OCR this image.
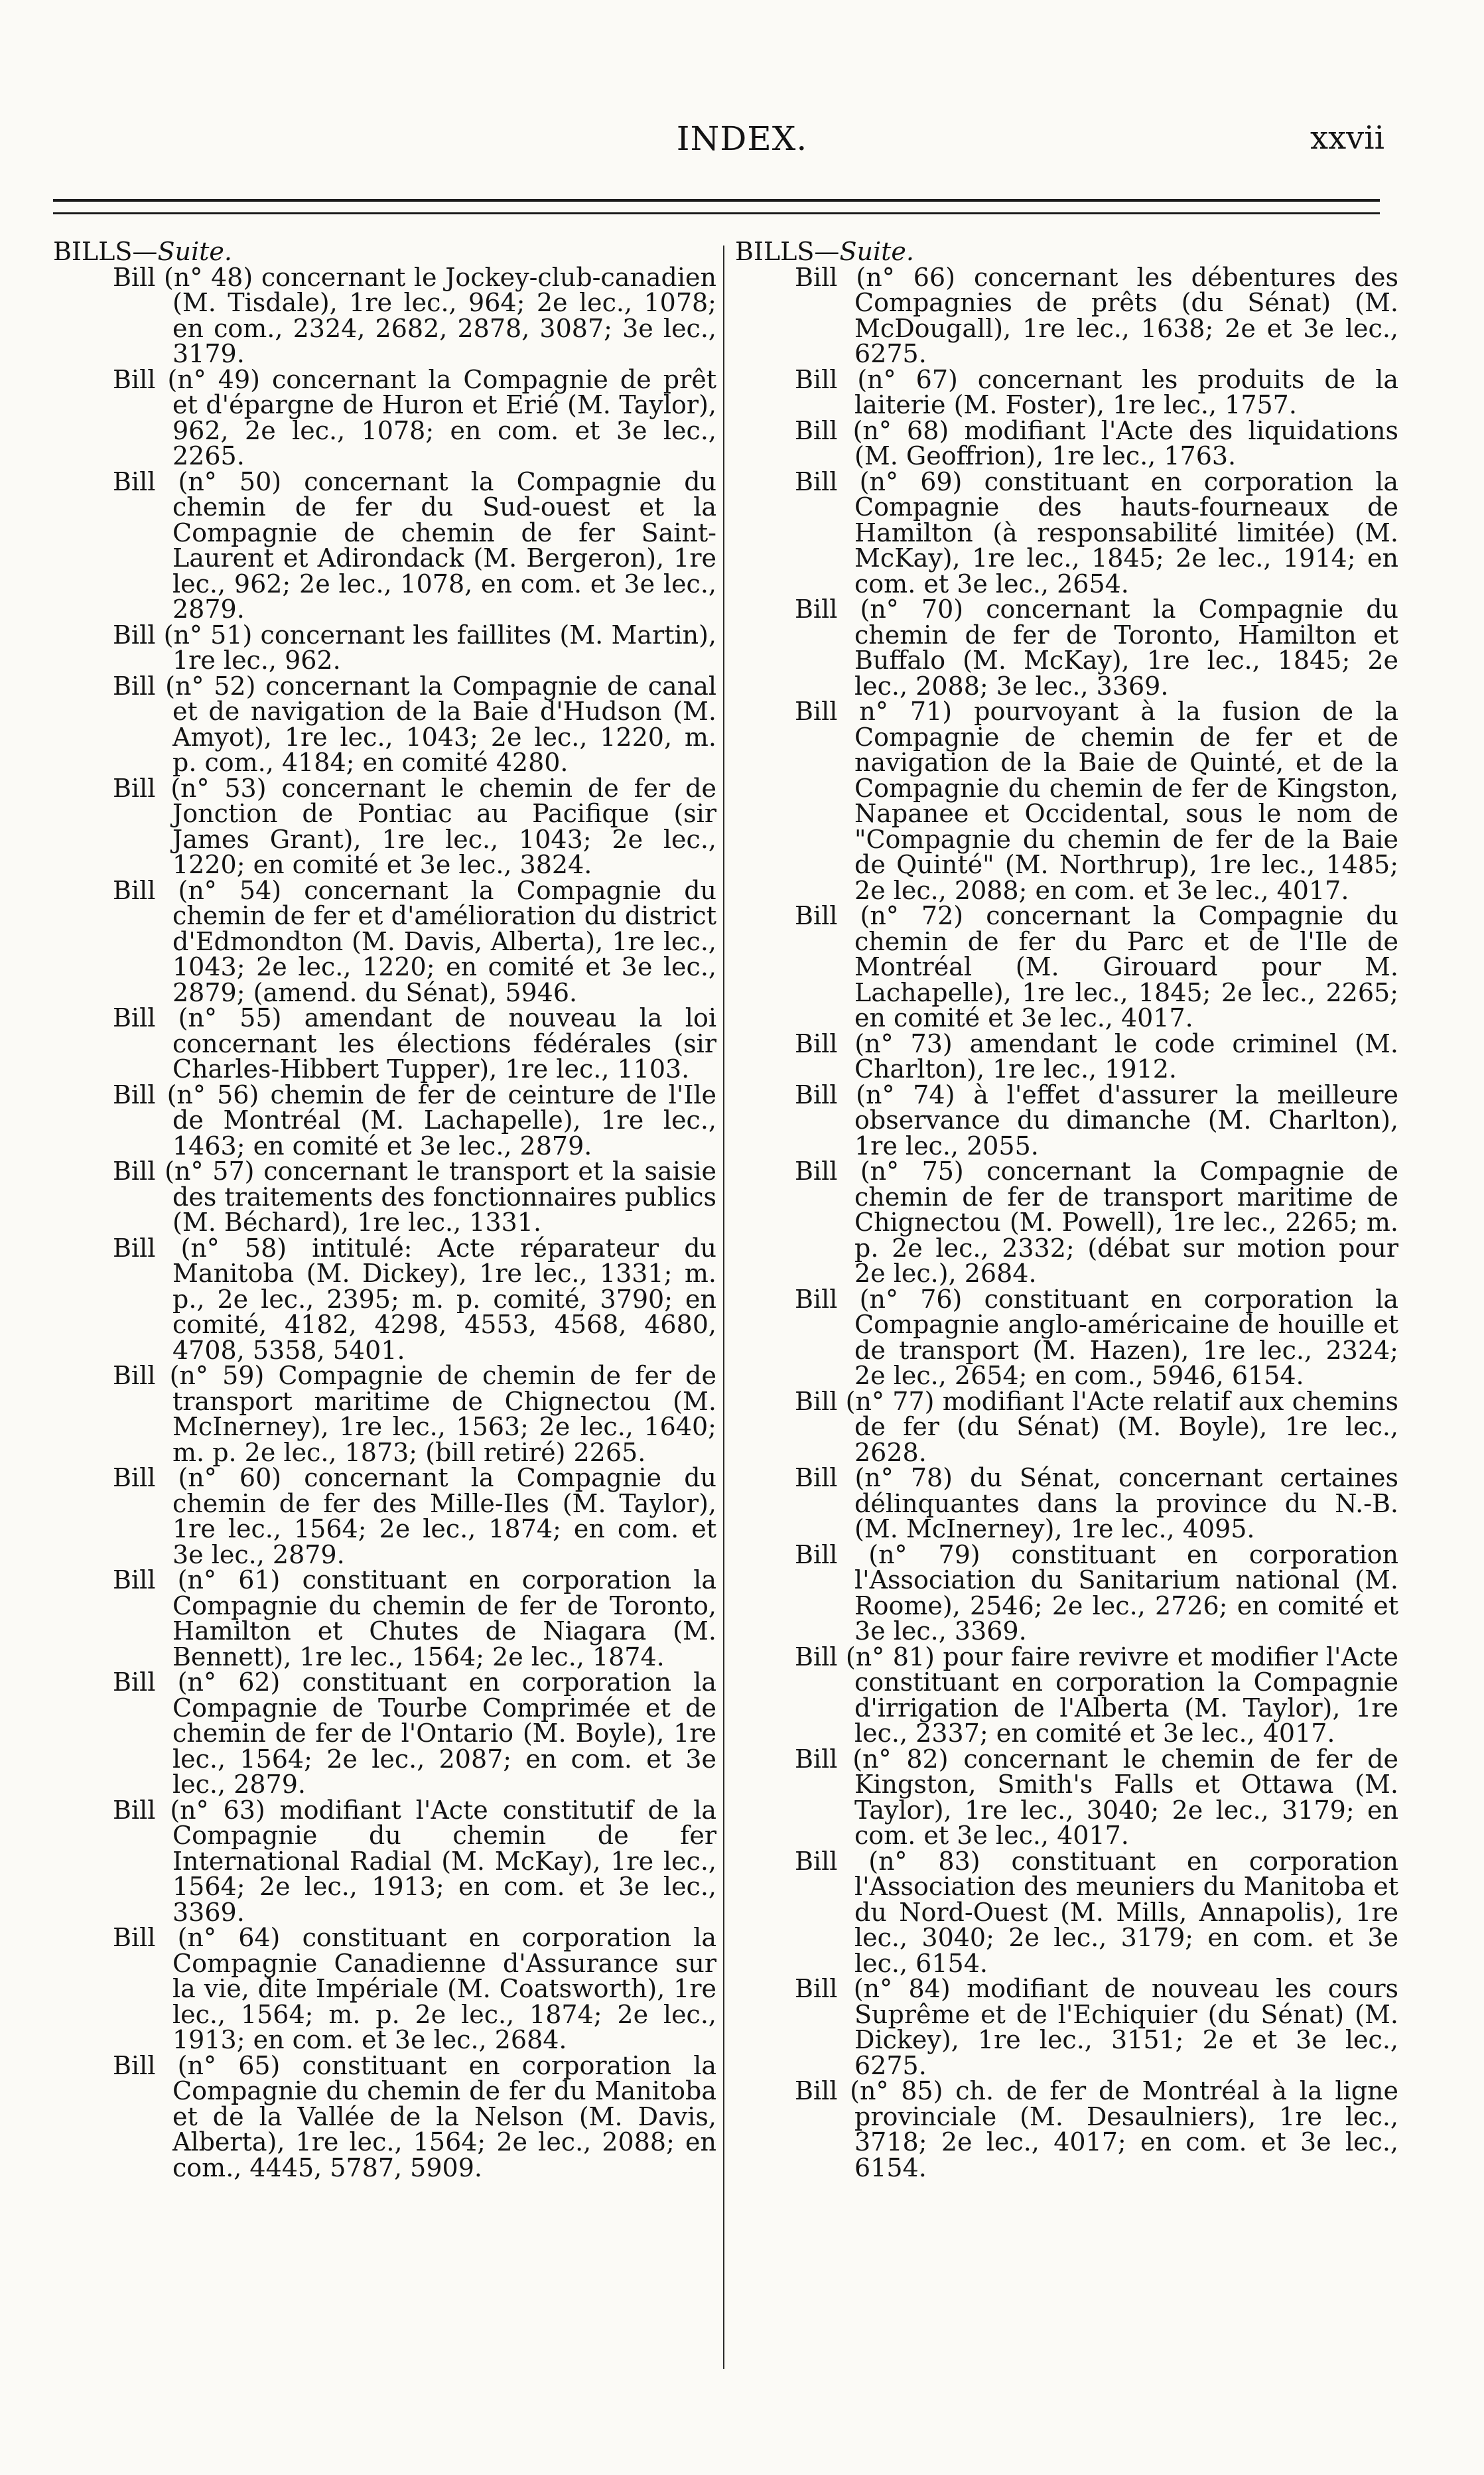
INDEX.	xxvii
BILLS—Suite.
Bill (n° 48) concernant le Jockey-club-canadien (M. Tisdale), 1re lec., 964; 2e lec., 1078; en com., 2324, 2682, 2878, 3087; 3e lec., 3179.
Bill (n° 49) concernant la Compagnie de prêt et d'épargne de Huron et Erié (M. Taylor), 962, 2e lec., 1078; en com. et 3e lec., 2265.
Bill (n° 50) concernant la Compagnie du chemin de fer du Sud-ouest et la Compagnie de chemin de fer Saint-Laurent et Adirondack (M. Bergeron), 1re lec., 962; 2e lec., 1078, en com. et 3e lec., 2879.
Bill (n° 51) concernant les faillites (M. Martin), 1re lec., 962.
Bill (n° 52) concernant la Compagnie de canal et de navigation de la Baie d'Hudson (M. Amyot), 1re lec., 1043; 2e lec., 1220, m. p. com., 4184; en comité 4280.
Bill (n° 53) concernant le chemin de fer de Jonction de Pontiac au Pacifique (sir James Grant), 1re lec., 1043; 2e lec., 1220; en comité et 3e lec., 3824.
Bill (n° 54) concernant la Compagnie du chemin de fer et d'amélioration du district d'Edmondton (M. Davis, Alberta), 1re lec., 1043; 2e lec., 1220; en comité et 3e lec., 2879; (amend. du Sénat), 5946.
Bill (n° 55) amendant de nouveau la loi concernant les élections fédérales (sir Charles-Hibbert Tupper), 1re lec., 1103.
Bill (n° 56) chemin de fer de ceinture de l'Ile de Montréal (M. Lachapelle), 1re lec., 1463; en comité et 3e lec., 2879.
Bill (n° 57) concernant le transport et la saisie des traitements des fonctionnaires publics (M. Béchard), 1re lec., 1331.
Bill (n° 58) intitulé: Acte réparateur du Manitoba (M. Dickey), 1re lec., 1331; m. p., 2e lec., 2395; m. p. comité, 3790; en comité, 4182, 4298, 4553, 4568, 4680, 4708, 5358, 5401.
Bill (n° 59) Compagnie de chemin de fer de transport maritime de Chignectou (M. McInerney), 1re lec., 1563; 2e lec., 1640; m. p. 2e lec., 1873; (bill retiré) 2265.
Bill (n° 60) concernant la Compagnie du chemin de fer des Mille-Iles (M. Taylor), 1re lec., 1564; 2e lec., 1874; en com. et 3e lec., 2879.
Bill (n° 61) constituant en corporation la Compagnie du chemin de fer de Toronto, Hamilton et Chutes de Niagara (M. Bennett), 1re lec., 1564; 2e lec., 1874.
Bill (n° 62) constituant en corporation la Compagnie de Tourbe Comprimée et de chemin de fer de l'Ontario (M. Boyle), 1re lec., 1564; 2e lec., 2087; en com. et 3e lec., 2879.
Bill (n° 63) modifiant l'Acte constitutif de la Compagnie du chemin de fer International Radial (M. McKay), 1re lec., 1564; 2e lec., 1913; en com. et 3e lec., 3369.
Bill (n° 64) constituant en corporation la Compagnie Canadienne d'Assurance sur la vie, dite Impériale (M. Coatsworth), 1re lec., 1564; m. p. 2e lec., 1874; 2e lec., 1913; en com. et 3e lec., 2684.
Bill (n° 65) constituant en corporation la Compagnie du chemin de fer du Manitoba et de la Vallée de la Nelson (M. Davis, Alberta), 1re lec., 1564; 2e lec., 2088; en com., 4445, 5787, 5909.
BILLS—Suite.
Bill (n° 66) concernant les débentures des Compagnies de prêts (du Sénat) (M. McDougall), 1re lec., 1638; 2e et 3e lec., 6275.
Bill (n° 67) concernant les produits de la laiterie (M. Foster), 1re lec., 1757.
Bill (n° 68) modifiant l'Acte des liquidations (M. Geoffrion), 1re lec., 1763.
Bill (n° 69) constituant en corporation la Compagnie des hauts-fourneaux de Hamilton (à responsabilité limitée) (M. McKay), 1re lec., 1845; 2e lec., 1914; en com. et 3e lec., 2654.
Bill (n° 70) concernant la Compagnie du chemin de fer de Toronto, Hamilton et Buffalo (M. McKay), 1re lec., 1845; 2e lec., 2088; 3e lec., 3369.
Bill n° 71) pourvoyant à la fusion de la Compagnie de chemin de fer et de navigation de la Baie de Quinté, et de la Compagnie du chemin de fer de Kingston, Napanee et Occidental, sous le nom de "Compagnie du chemin de fer de la Baie de Quinté" (M. Northrup), 1re lec., 1485; 2e lec., 2088; en com. et 3e lec., 4017.
Bill (n° 72) concernant la Compagnie du chemin de fer du Parc et de l'Ile de Montréal (M. Girouard pour M. Lachapelle), 1re lec., 1845; 2e lec., 2265; en comité et 3e lec., 4017.
Bill (n° 73) amendant le code criminel (M. Charlton), 1re lec., 1912.
Bill (n° 74) à l'effet d'assurer la meilleure observance du dimanche (M. Charlton), 1re lec., 2055.
Bill (n° 75) concernant la Compagnie de chemin de fer de transport maritime de Chignectou (M. Powell), 1re lec., 2265; m. p. 2e lec., 2332; (débat sur motion pour 2e lec.), 2684.
Bill (n° 76) constituant en corporation la Compagnie anglo-américaine de houille et de transport (M. Hazen), 1re lec., 2324; 2e lec., 2654; en com., 5946, 6154.
Bill (n° 77) modifiant l'Acte relatif aux chemins de fer (du Sénat) (M. Boyle), 1re lec., 2628.
Bill (n° 78) du Sénat, concernant certaines délinquantes dans la province du N.-B. (M. McInerney), 1re lec., 4095.
Bill (n° 79) constituant en corporation l'Association du Sanitarium national (M. Roome), 2546; 2e lec., 2726; en comité et 3e lec., 3369.
Bill (n° 81) pour faire revivre et modifier l'Acte constituant en corporation la Compagnie d'irrigation de l'Alberta (M. Taylor), 1re lec., 2337; en comité et 3e lec., 4017.
Bill (n° 82) concernant le chemin de fer de Kingston, Smith's Falls et Ottawa (M. Taylor), 1re lec., 3040; 2e lec., 3179; en com. et 3e lec., 4017.
Bill (n° 83) constituant en corporation l'Association des meuniers du Manitoba et du Nord-Ouest (M. Mills, Annapolis), 1re lec., 3040; 2e lec., 3179; en com. et 3e lec., 6154.
Bill (n° 84) modifiant de nouveau les cours Suprême et de l'Echiquier (du Sénat) (M. Dickey), 1re lec., 3151; 2e et 3e lec., 6275.
Bill (n° 85) ch. de fer de Montréal à la ligne provinciale (M. Desaulniers), 1re lec., 3718; 2e lec., 4017; en com. et 3e lec., 6154.
